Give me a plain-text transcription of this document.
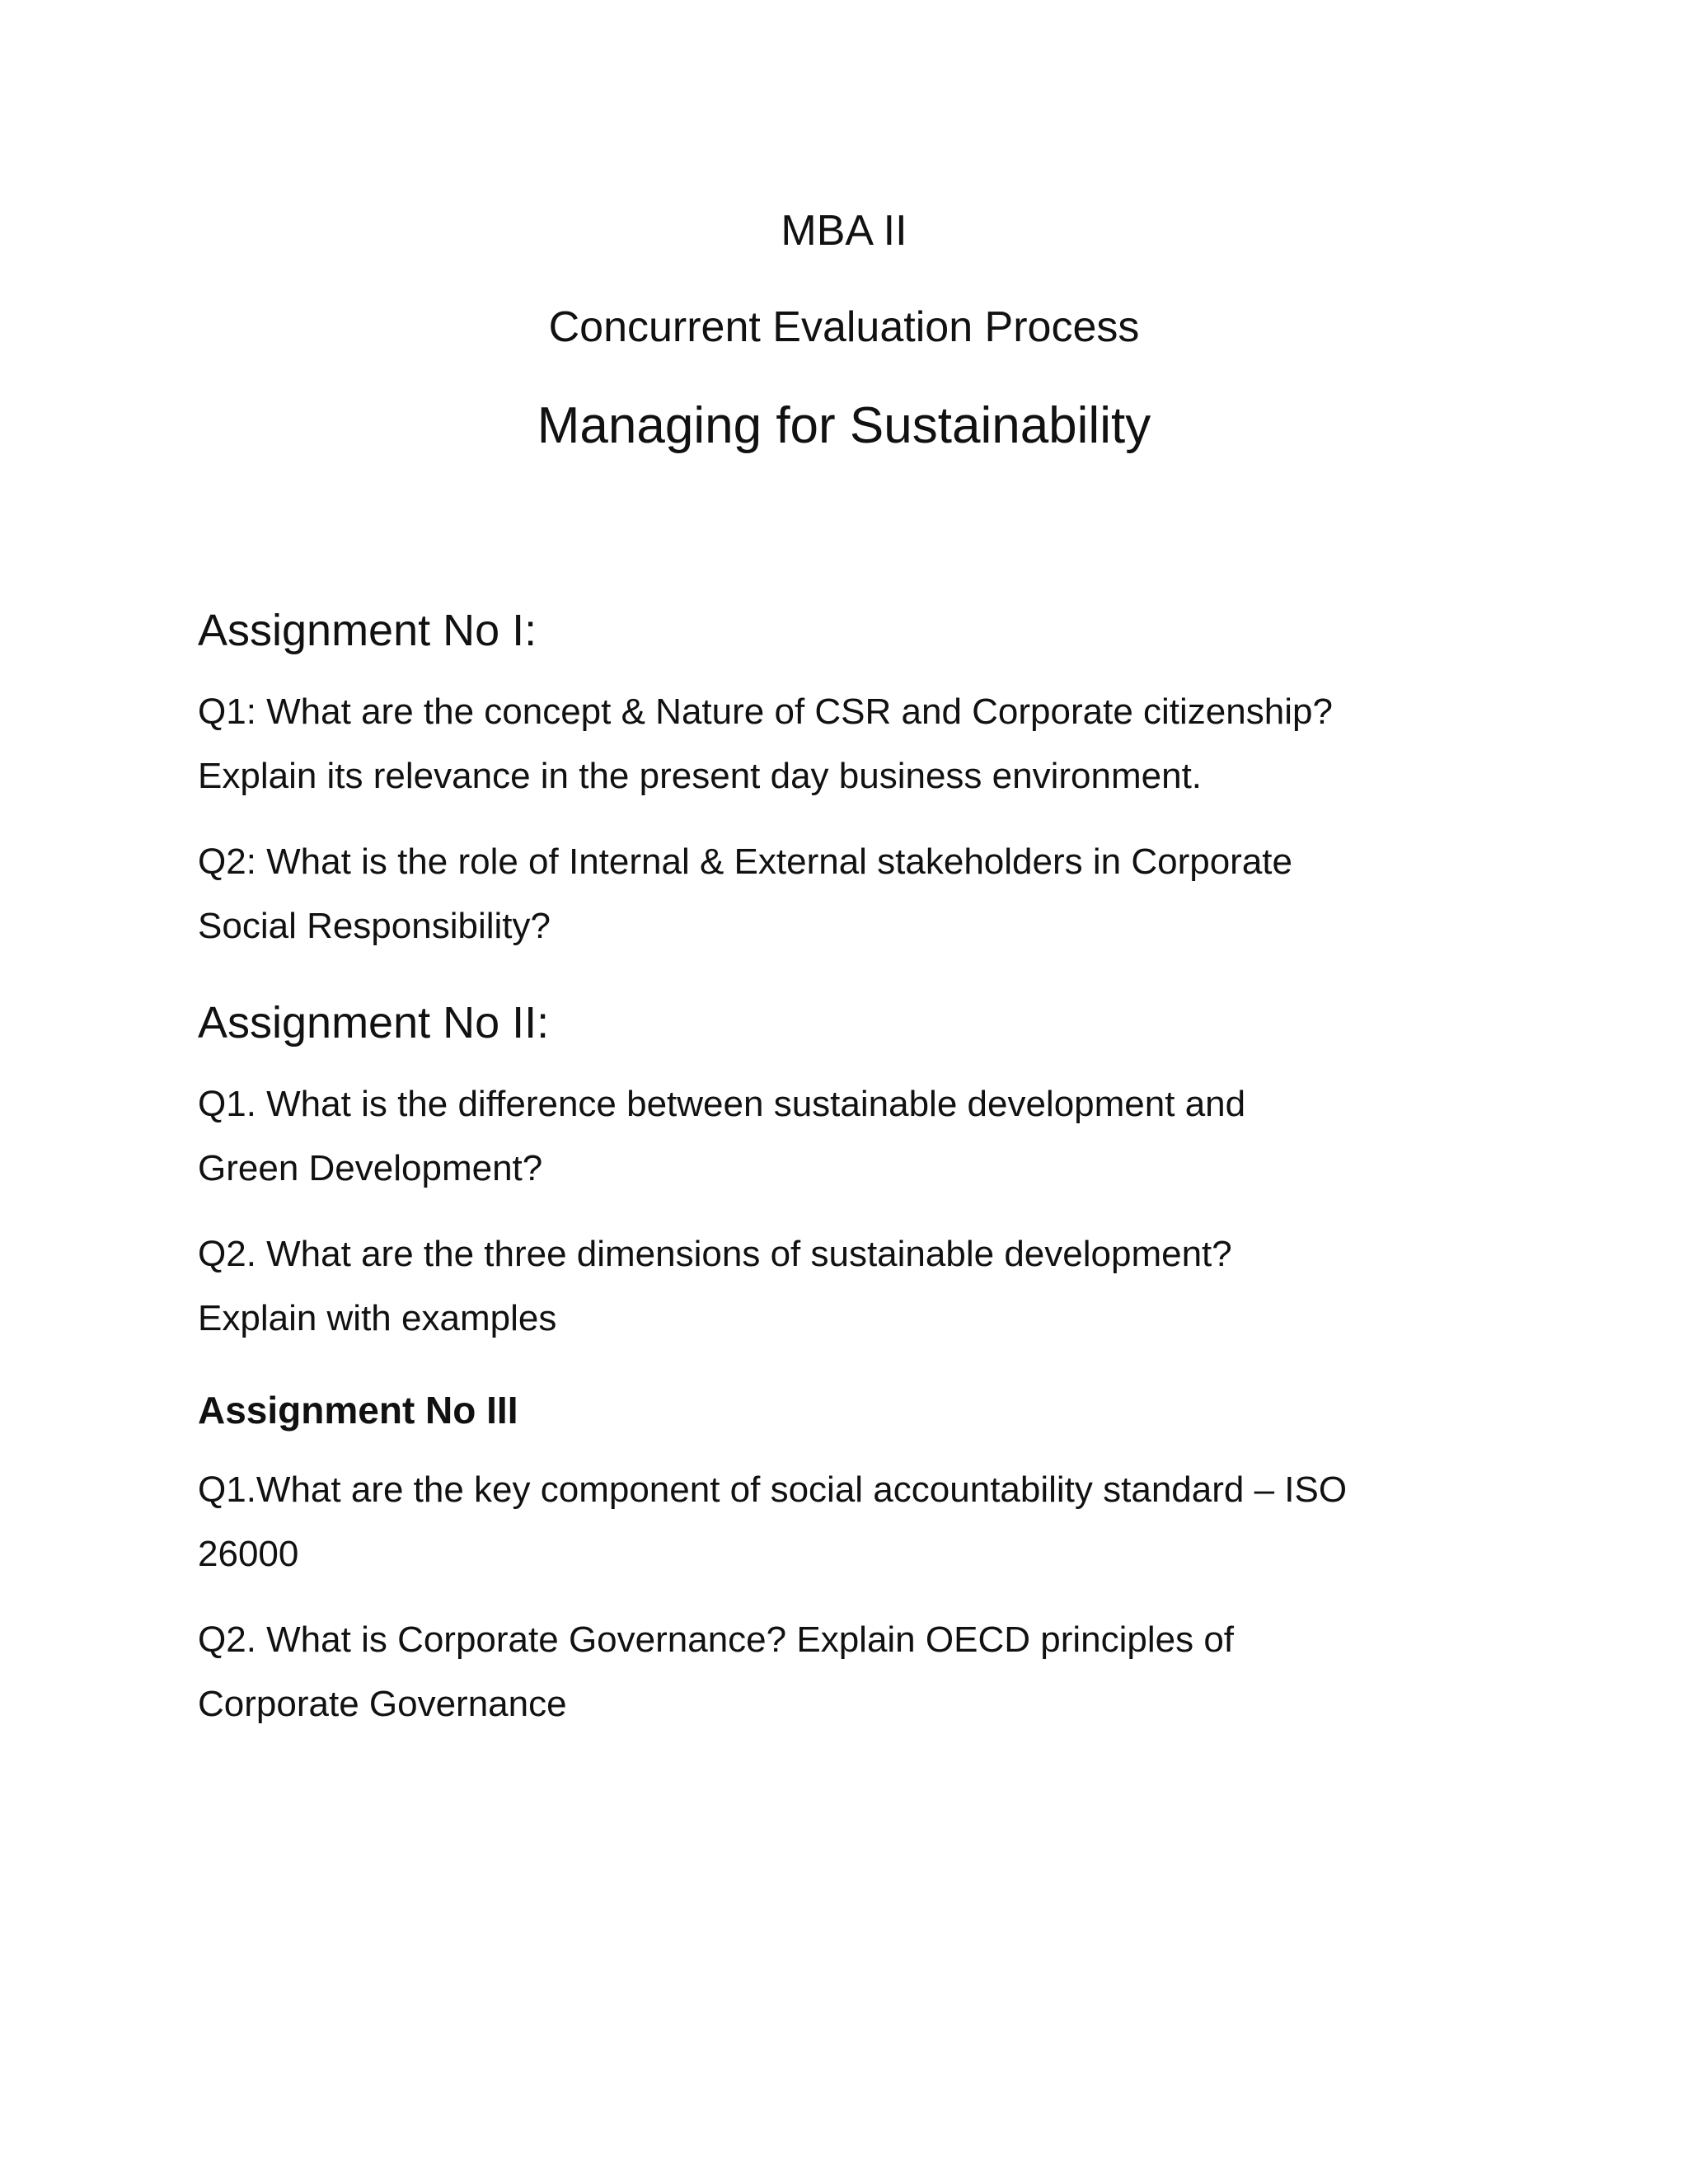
MBA II
Concurrent Evaluation Process
Managing for Sustainability
Assignment No I:
Q1: What are the concept & Nature of CSR and Corporate citizenship?
Explain its relevance in the present day business environment.
Q2: What is the role of Internal & External stakeholders in Corporate
Social Responsibility?
Assignment No II:
Q1. What is the difference between sustainable development and
Green Development?
Q2. What are the three dimensions of sustainable development?
Explain with examples
Assignment No III
Q1.What are the key component of social accountability standard – ISO
26000
Q2. What is Corporate Governance? Explain OECD principles of
Corporate Governance
